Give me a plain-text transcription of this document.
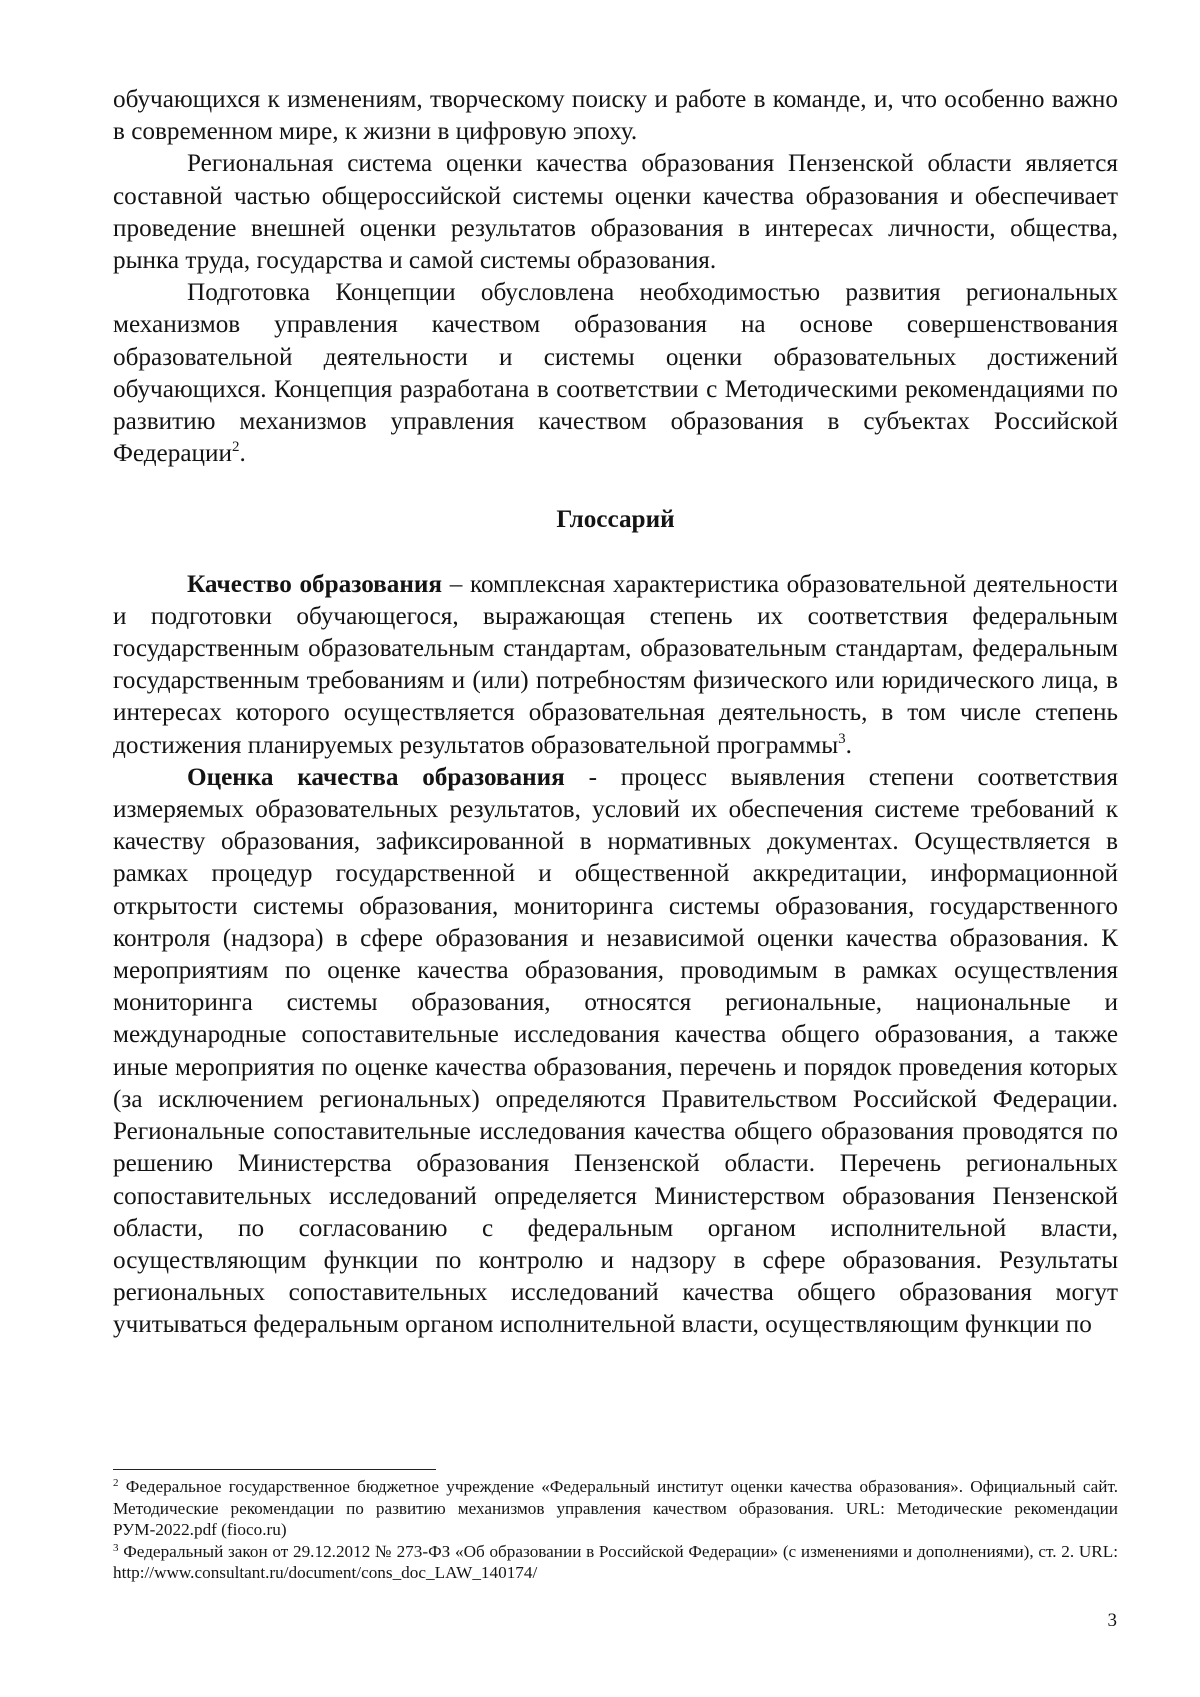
обучающихся к изменениям, творческому поиску и работе в команде, и, что особенно важно в современном мире, к жизни в цифровую эпоху.

Региональная система оценки качества образования Пензенской области является составной частью общероссийской системы оценки качества образования и обеспечивает проведение внешней оценки результатов образования в интересах личности, общества, рынка труда, государства и самой системы образования.

Подготовка Концепции обусловлена необходимостью развития региональных механизмов управления качеством образования на основе совершенствования образовательной деятельности и системы оценки образовательных достижений обучающихся. Концепция разработана в соответствии с Методическими рекомендациями по развитию механизмов управления качеством образования в субъектах Российской Федерации$^2$.

Глоссарий

Качество образования – комплексная характеристика образовательной деятельности и подготовки обучающегося, выражающая степень их соответствия федеральным государственным образовательным стандартам, образовательным стандартам, федеральным государственным требованиям и (или) потребностям физического или юридического лица, в интересах которого осуществляется образовательная деятельность, в том числе степень достижения планируемых результатов образовательной программы$^3$.

Оценка качества образования - процесс выявления степени соответствия измеряемых образовательных результатов, условий их обеспечения системе требований к качеству образования, зафиксированной в нормативных документах. Осуществляется в рамках процедур государственной и общественной аккредитации, информационной открытости системы образования, мониторинга системы образования, государственного контроля (надзора) в сфере образования и независимой оценки качества образования. К мероприятиям по оценке качества образования, проводимым в рамках осуществления мониторинга системы образования, относятся региональные, национальные и международные сопоставительные исследования качества общего образования, а также иные мероприятия по оценке качества образования, перечень и порядок проведения которых (за исключением региональных) определяются Правительством Российской Федерации. Региональные сопоставительные исследования качества общего образования проводятся по решению Министерства образования Пензенской области. Перечень региональных сопоставительных исследований определяется Министерством образования Пензенской области, по согласованию с федеральным органом исполнительной власти, осуществляющим функции по контролю и надзору в сфере образования. Результаты региональных сопоставительных исследований качества общего образования могут учитываться федеральным органом исполнительной власти, осуществляющим функции по

$^2$ Федеральное государственное бюджетное учреждение «Федеральный институт оценки качества образования». Официальный сайт. Методические рекомендации по развитию механизмов управления качеством образования. URL: Методические рекомендации РУМ-2022.pdf (fioco.ru)

$^3$ Федеральный закон от 29.12.2012 № 273-ФЗ «Об образовании в Российской Федерации» (с изменениями и дополнениями), ст. 2. URL: http://www.consultant.ru/document/cons_doc_LAW_140174/

3
